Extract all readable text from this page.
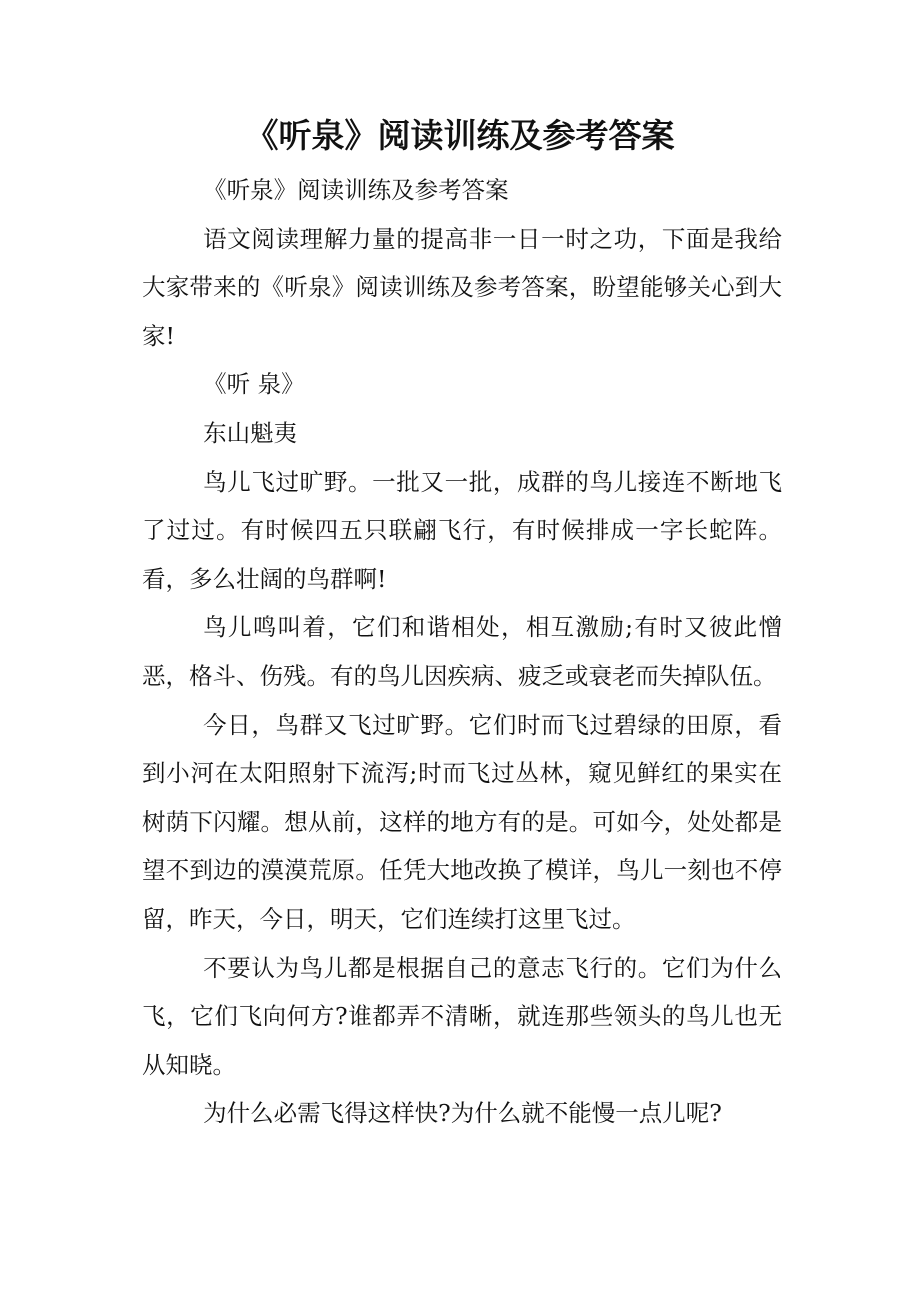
《听泉》阅读训练及参考答案

《听泉》阅读训练及参考答案

语文阅读理解力量的提高非一日一时之功，下面是我给大家带来的《听泉》阅读训练及参考答案，盼望能够关心到大家!

《听 泉》

东山魁夷

鸟儿飞过旷野。一批又一批，成群的鸟儿接连不断地飞了过过。有时候四五只联翩飞行，有时候排成一字长蛇阵。看，多么壮阔的鸟群啊!

鸟儿鸣叫着，它们和谐相处，相互激励;有时又彼此憎恶，格斗、伤残。有的鸟儿因疾病、疲乏或衰老而失掉队伍。

今日，鸟群又飞过旷野。它们时而飞过碧绿的田原，看到小河在太阳照射下流泻;时而飞过丛林，窥见鲜红的果实在树荫下闪耀。想从前，这样的地方有的是。可如今，处处都是望不到边的漠漠荒原。任凭大地改换了模详，鸟儿一刻也不停留，昨天，今日，明天，它们连续打这里飞过。

不要认为鸟儿都是根据自己的意志飞行的。它们为什么飞，它们飞向何方?谁都弄不清晰，就连那些领头的鸟儿也无从知晓。

为什么必需飞得这样快?为什么就不能慢一点儿呢?
